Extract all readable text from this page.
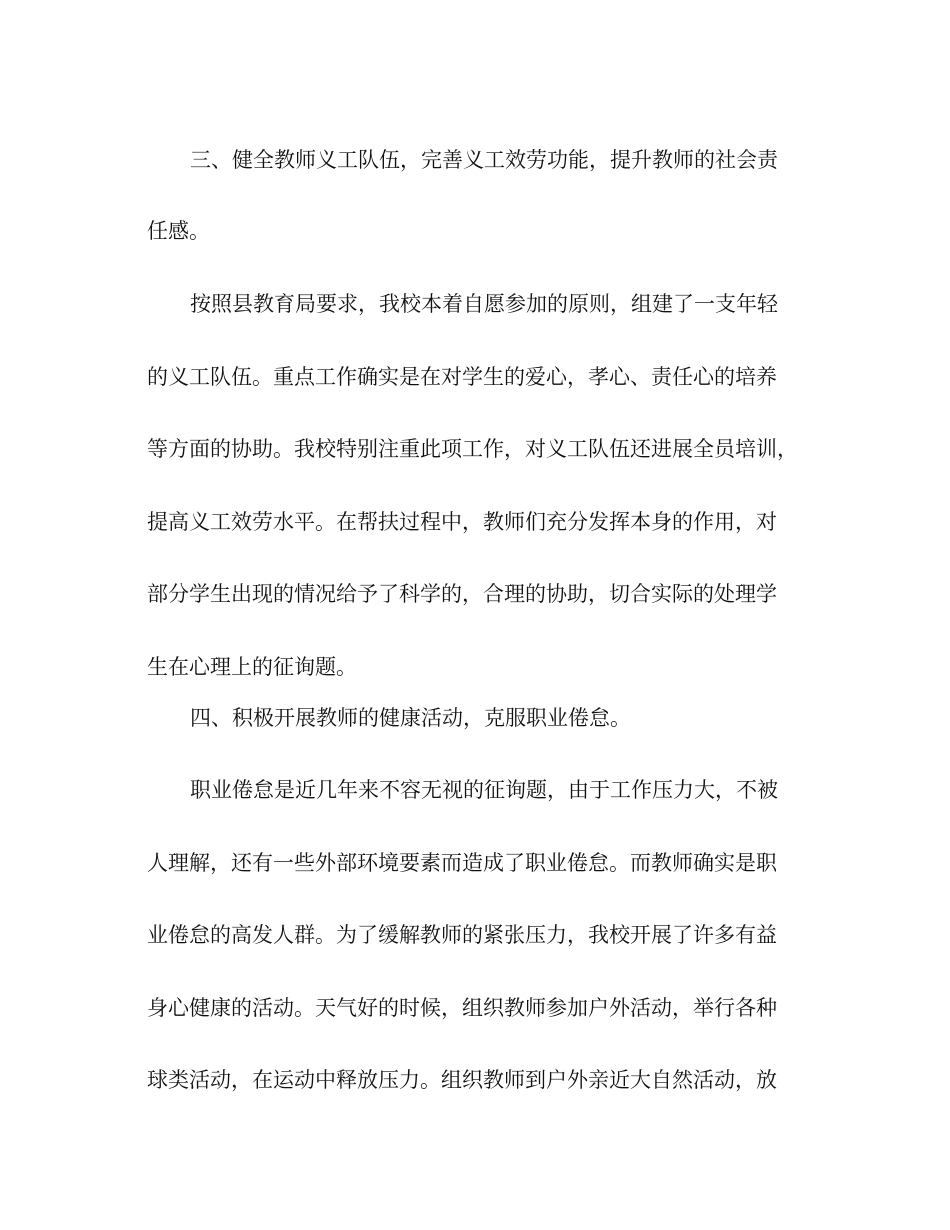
三、健全教师义工队伍，完善义工效劳功能，提升教师的社会责
任感。
按照县教育局要求，我校本着自愿参加的原则，组建了一支年轻
的义工队伍。重点工作确实是在对学生的爱心，孝心、责任心的培养
等方面的协助。我校特别注重此项工作，对义工队伍还进展全员培训，
提高义工效劳水平。在帮扶过程中，教师们充分发挥本身的作用，对
部分学生出现的情况给予了科学的，合理的协助，切合实际的处理学
生在心理上的征询题。
四、积极开展教师的健康活动，克服职业倦怠。
职业倦怠是近几年来不容无视的征询题，由于工作压力大，不被
人理解，还有一些外部环境要素而造成了职业倦怠。而教师确实是职
业倦怠的高发人群。为了缓解教师的紧张压力，我校开展了许多有益
身心健康的活动。天气好的时候，组织教师参加户外活动，举行各种
球类活动，在运动中释放压力。组织教师到户外亲近大自然活动，放
